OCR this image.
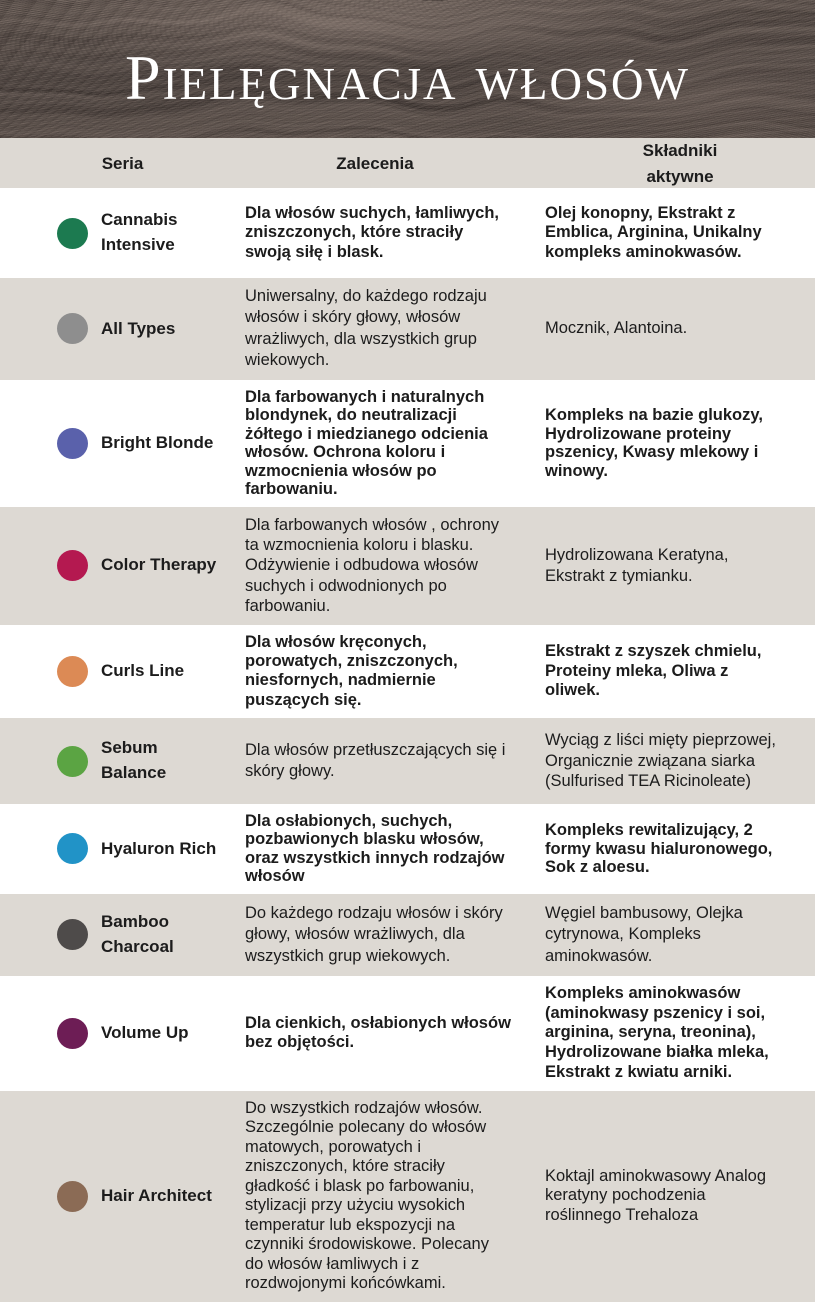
Pielęgnacja włosów
Seria	Zalecenia
Składniki aktywne
Cannabis Intensive
Dla włosów suchych, łamliwych, zniszczonych, które straciły swoją siłę i blask.
Olej konopny, Ekstrakt z Emblica, Arginina, Unikalny kompleks aminokwasów.
All Types
Uniwersalny, do każdego rodzaju włosów i skóry głowy, włosów wrażliwych, dla wszystkich grup wiekowych.
Mocznik, Alantoina.
Bright Blonde
Dla farbowanych i naturalnych blondynek, do neutralizacji żółtego i miedzianego odcienia włosów. Ochrona koloru i wzmocnienia włosów po farbowaniu.
Kompleks na bazie glukozy, Hydrolizowane proteiny pszenicy, Kwasy mlekowy i winowy.
Color Therapy
Dla farbowanych włosów , ochrony ta wzmocnienia koloru i blasku. Odżywienie i odbudowa włosów suchych i odwodnionych po farbowaniu.
Hydrolizowana Keratyna, Ekstrakt z tymianku.
Curls Line
Dla włosów kręconych, porowatych, zniszczonych, niesfornych, nadmiernie puszących się.
Ekstrakt z szyszek chmielu, Proteiny mleka, Oliwa z oliwek.
Sebum Balance
Dla włosów przetłuszczających się i skóry głowy.
Wyciąg z liści mięty pieprzowej, Organicznie związana siarka (Sulfurised TEA Ricinoleate)
Hyaluron Rich
Dla osłabionych, suchych, pozbawionych blasku włosów, oraz wszystkich innych rodzajów włosów
Kompleks rewitalizujący, 2 formy kwasu hialuronowego, Sok z aloesu.
Bamboo Charcoal
Do każdego rodzaju włosów i skóry głowy, włosów wrażliwych, dla wszystkich grup wiekowych.
Węgiel bambusowy, Olejka cytrynowa, Kompleks aminokwasów.
Volume Up
Dla cienkich, osłabionych włosów bez objętości.
Kompleks aminokwasów (aminokwasy pszenicy i soi, arginina, seryna, treonina), Hydrolizowane białka mleka, Ekstrakt z kwiatu arniki.
Hair Architect
Do wszystkich rodzajów włosów. Szczególnie polecany do włosów matowych, porowatych i zniszczonych, które straciły gładkość i blask po farbowaniu, stylizacji przy użyciu wysokich temperatur lub ekspozycji na czynniki środowiskowe. Polecany do włosów łamliwych i z rozdwojonymi końcówkami.
Koktajl aminokwasowy Analog keratyny pochodzenia roślinnego Trehaloza
